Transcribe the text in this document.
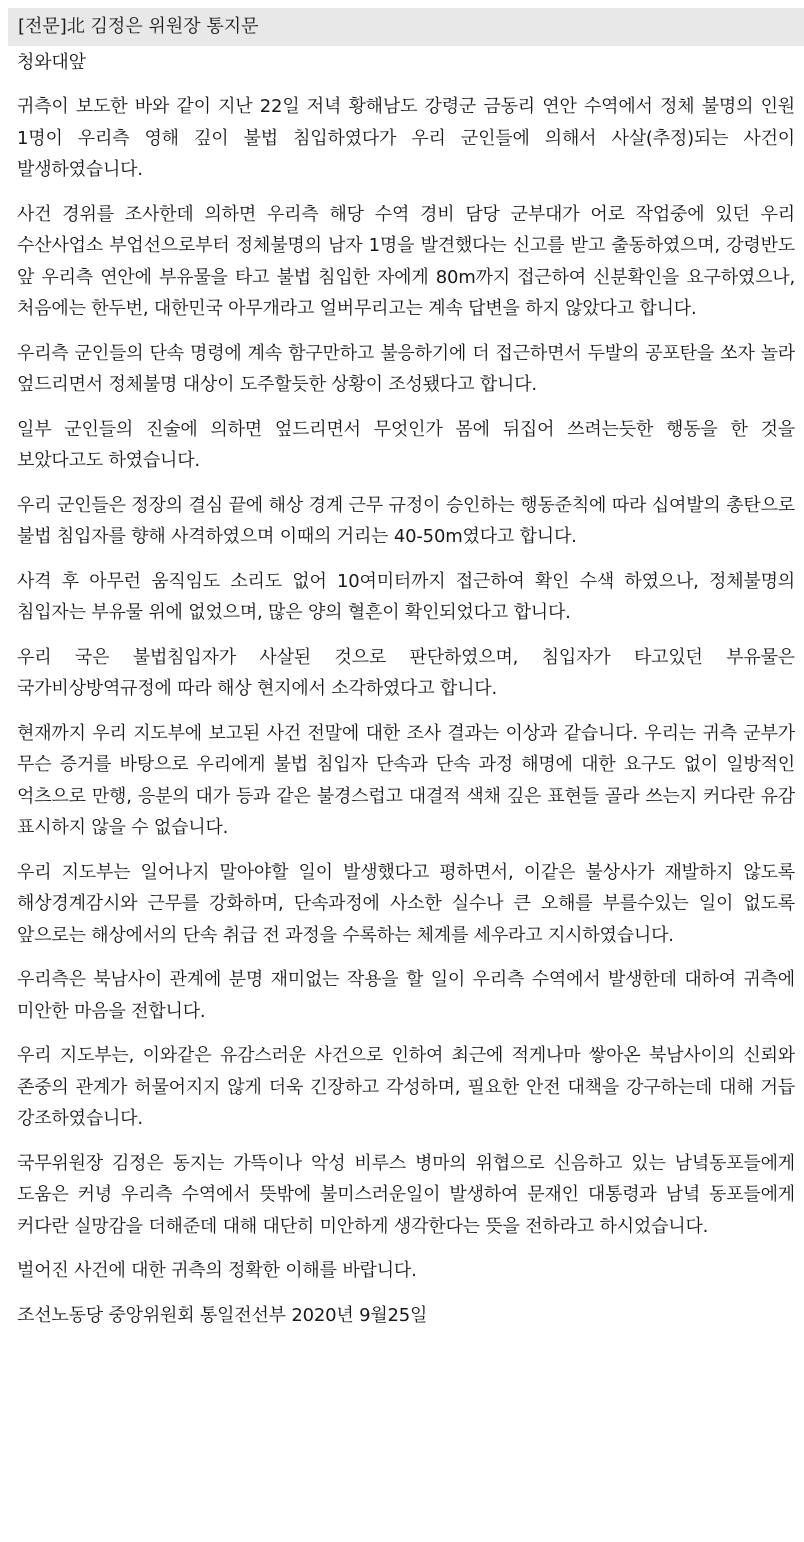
[전문]北 김정은 위원장 통지문

청와대앞

귀측이 보도한 바와 같이 지난 22일 저녁 황해남도 강령군 금동리 연안 수역에서 정체 불명의 인원 1명이 우리측 영해 깊이 불법 침입하였다가 우리 군인들에 의해서 사살(추정)되는 사건이 발생하였습니다.

사건 경위를 조사한데 의하면 우리측 해당 수역 경비 담당 군부대가 어로 작업중에 있던 우리 수산사업소 부업선으로부터 정체불명의 남자 1명을 발견했다는 신고를 받고 출동하였으며, 강령반도 앞 우리측 연안에 부유물을 타고 불법 침입한 자에게 80m까지 접근하여 신분확인을 요구하였으나, 처음에는 한두번, 대한민국 아무개라고 얼버무리고는 계속 답변을 하지 않았다고 합니다.

우리측 군인들의 단속 명령에 계속 함구만하고 불응하기에 더 접근하면서 두발의 공포탄을 쏘자 놀라 엎드리면서 정체불명 대상이 도주할듯한 상황이 조성됐다고 합니다.

일부 군인들의 진술에 의하면 엎드리면서 무엇인가 몸에 뒤집어 쓰려는듯한 행동을 한 것을 보았다고도 하였습니다.

우리 군인들은 정장의 결심 끝에 해상 경계 근무 규정이 승인하는 행동준칙에 따라 십여발의 총탄으로 불법 침입자를 향해 사격하였으며 이때의 거리는 40-50m였다고 합니다.

사격 후 아무런 움직임도 소리도 없어 10여미터까지 접근하여 확인 수색 하였으나, 정체불명의 침입자는 부유물 위에 없었으며, 많은 양의 혈흔이 확인되었다고 합니다.

우리 국은 불법침입자가 사살된 것으로 판단하였으며, 침입자가 타고있던 부유물은 국가비상방역규정에 따라 해상 현지에서 소각하였다고 합니다.

현재까지 우리 지도부에 보고된 사건 전말에 대한 조사 결과는 이상과 같습니다. 우리는 귀측 군부가 무슨 증거를 바탕으로 우리에게 불법 침입자 단속과 단속 과정 해명에 대한 요구도 없이 일방적인 억츠으로 만행, 응분의 대가 등과 같은 불경스럽고 대결적 색채 깊은 표현들 골라 쓰는지 커다란 유감 표시하지 않을 수 없습니다.

우리 지도부는 일어나지 말아야할 일이 발생했다고 평하면서, 이같은 불상사가 재발하지 않도록 해상경계감시와 근무를 강화하며, 단속과정에 사소한 실수나 큰 오해를 부를수있는 일이 없도록 앞으로는 해상에서의 단속 취급 전 과정을 수록하는 체계를 세우라고 지시하였습니다.

우리측은 북남사이 관계에 분명 재미없는 작용을 할 일이 우리측 수역에서 발생한데 대하여 귀측에 미안한 마음을 전합니다.

우리 지도부는, 이와같은 유감스러운 사건으로 인하여 최근에 적게나마 쌓아온 북남사이의 신뢰와 존중의 관계가 허물어지지 않게 더욱 긴장하고 각성하며, 필요한 안전 대책을 강구하는데 대해 거듭 강조하였습니다.

국무위원장 김정은 동지는 가뜩이나 악성 비루스 병마의 위협으로 신음하고 있는 남녘동포들에게 도움은 커녕 우리측 수역에서 뜻밖에 불미스러운일이 발생하여 문재인 대통령과 남녘 동포들에게 커다란 실망감을 더해준데 대해 대단히 미안하게 생각한다는 뜻을 전하라고 하시었습니다.

벌어진 사건에 대한 귀측의 정확한 이해를 바랍니다.

조선노동당 중앙위원회 통일전선부 2020년 9월25일
